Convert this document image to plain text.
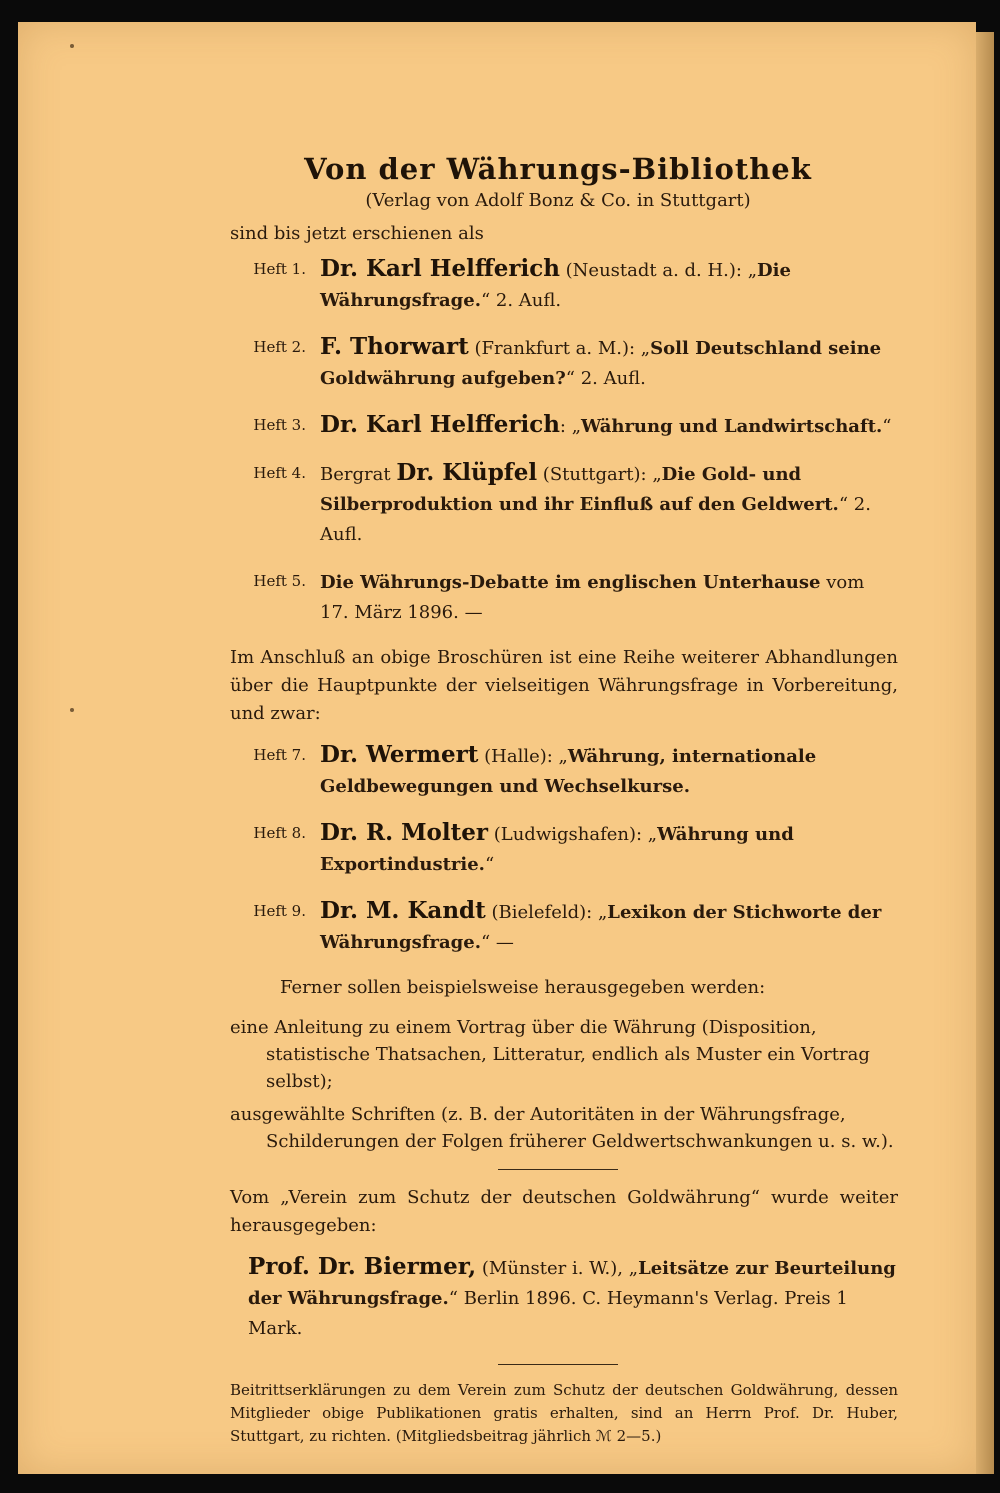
Von der Währungs-Bibliothek
(Verlag von Adolf Bonz & Co. in Stuttgart)
sind bis jetzt erschienen als
Heft 1. Dr. Karl Helfferich (Neustadt a. d. H.): „Die Währungsfrage.“ 2. Aufl.
Heft 2. F. Thorwart (Frankfurt a. M.): „Soll Deutschland seine Goldwährung aufgeben?“ 2. Aufl.
Heft 3. Dr. Karl Helfferich: „Währung und Landwirtschaft.“
Heft 4. Bergrat Dr. Klüpfel (Stuttgart): „Die Gold- und Silberproduktion und ihr Einfluß auf den Geldwert.“ 2. Aufl.
Heft 5. Die Währungs-Debatte im englischen Unterhause vom 17. März 1896. —
Im Anschluß an obige Broschüren ist eine Reihe weiterer Abhandlungen über die Hauptpunkte der vielseitigen Währungsfrage in Vorbereitung, und zwar:
Heft 7. Dr. Wermert (Halle): „Währung, internationale Geldbewegungen und Wechselkurse.
Heft 8. Dr. R. Molter (Ludwigshafen): „Währung und Exportindustrie.“
Heft 9. Dr. M. Kandt (Bielefeld): „Lexikon der Stichworte der Währungsfrage.“ —
Ferner sollen beispielsweise herausgegeben werden:
eine Anleitung zu einem Vortrag über die Währung (Disposition, statistische Thatsachen, Litteratur, endlich als Muster ein Vortrag selbst);
ausgewählte Schriften (z. B. der Autoritäten in der Währungsfrage, Schilderungen der Folgen früherer Geldwertschwankungen u. s. w.).
Vom „Verein zum Schutz der deutschen Goldwährung“ wurde weiter herausgegeben:
Prof. Dr. Biermer, (Münster i. W.), „Leitsätze zur Beurteilung der Währungsfrage.“ Berlin 1896. C. Heymann's Verlag. Preis 1 Mark.
Beitrittserklärungen zu dem Verein zum Schutz der deutschen Goldwährung, dessen Mitglieder obige Publikationen gratis erhalten, sind an Herrn Prof. Dr. Huber, Stuttgart, zu richten. (Mitgliedsbeitrag jährlich ℳ 2—5.)
